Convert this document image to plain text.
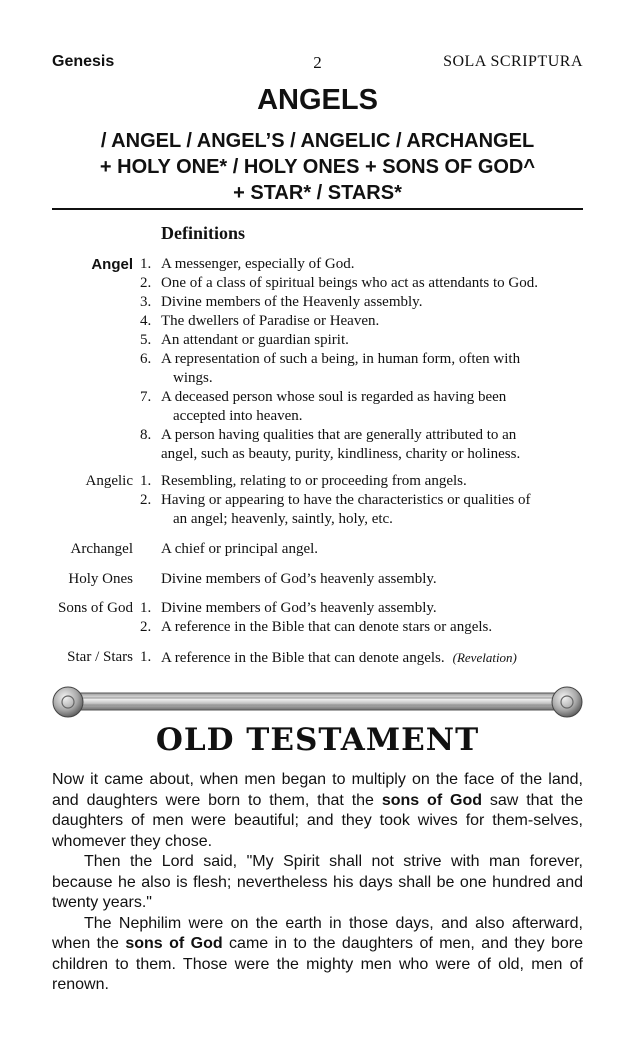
Genesis	2	SOLA SCRIPTURA
ANGELS
/ ANGEL / ANGEL’S / ANGELIC / ARCHANGEL
+ HOLY ONE* / HOLY ONES + SONS OF GOD^
+ STAR* / STARS*
Definitions
Angel 1. A messenger, especially of God.
2. One of a class of spiritual beings who act as attendants to God.
3. Divine members of the Heavenly assembly.
4. The dwellers of Paradise or Heaven.
5. An attendant or guardian spirit.
6. A representation of such a being, in human form, often with
wings.
7. A deceased person whose soul is regarded as having been
accepted into heaven.
8. A person having qualities that are generally attributed to an
angel, such as beauty, purity, kindliness, charity or holiness.
Angelic 1. Resembling, relating to or proceeding from angels.
2. Having or appearing to have the characteristics or qualities of
an angel; heavenly, saintly, holy, etc.
Archangel A chief or principal angel.
Holy Ones Divine members of God’s heavenly assembly.
Sons of God 1. Divine members of God’s heavenly assembly.
2. A reference in the Bible that can denote stars or angels.
Star / Stars 1. A reference in the Bible that can denote angels. (Revelation)
OLD TESTAMENT

Now it came about, when men began to multiply on the face of the land, and daughters were born to them, that the sons of God saw that the daughters of men were beautiful; and they took wives for them-selves, whomever they chose.

Then the Lord said, "My Spirit shall not strive with man forever, because he also is flesh; nevertheless his days shall be one hundred and twenty years."

The Nephilim were on the earth in those days, and also afterward, when the sons of God came in to the daughters of men, and they bore children to them. Those were the mighty men who were of old, men of renown.
